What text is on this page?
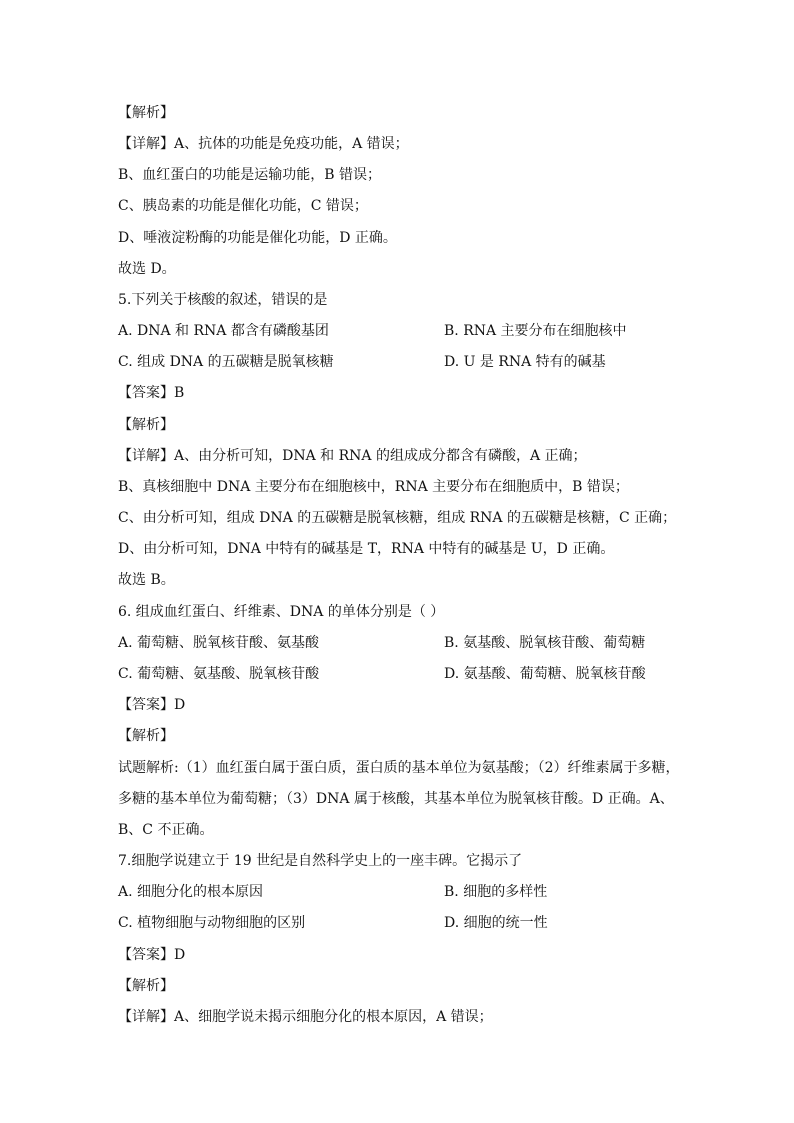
【解析】
【详解】A、抗体的功能是免疫功能，A 错误；
B、血红蛋白的功能是运输功能，B 错误；
C、胰岛素的功能是催化功能，C 错误；
D、唾液淀粉酶的功能是催化功能，D 正确。
故选 D。
5.下列关于核酸的叙述，错误的是
A. DNA 和 RNA 都含有磷酸基团	B. RNA 主要分布在细胞核中
C. 组成 DNA 的五碳糖是脱氧核糖	D. U 是 RNA 特有的碱基
【答案】B
【解析】
【详解】A、由分析可知，DNA 和 RNA 的组成成分都含有磷酸，A 正确；
B、真核细胞中 DNA 主要分布在细胞核中，RNA 主要分布在细胞质中，B 错误；
C、由分析可知，组成 DNA 的五碳糖是脱氧核糖，组成 RNA 的五碳糖是核糖，C 正确；
D、由分析可知，DNA 中特有的碱基是 T，RNA 中特有的碱基是 U，D 正确。
故选 B。
6. 组成血红蛋白、纤维素、DNA 的单体分别是（ ）
A. 葡萄糖、脱氧核苷酸、氨基酸	B. 氨基酸、脱氧核苷酸、葡萄糖
C. 葡萄糖、氨基酸、脱氧核苷酸	D. 氨基酸、葡萄糖、脱氧核苷酸
【答案】D
【解析】
试题解析:（1）血红蛋白属于蛋白质，蛋白质的基本单位为氨基酸；（2）纤维素属于多糖，
多糖的基本单位为葡萄糖；（3）DNA 属于核酸，其基本单位为脱氧核苷酸。D 正确。A、
B、C 不正确。
7.细胞学说建立于 19 世纪是自然科学史上的一座丰碑。它揭示了
A. 细胞分化的根本原因	B. 细胞的多样性
C. 植物细胞与动物细胞的区别	D. 细胞的统一性
【答案】D
【解析】
【详解】A、细胞学说未揭示细胞分化的根本原因，A 错误；
